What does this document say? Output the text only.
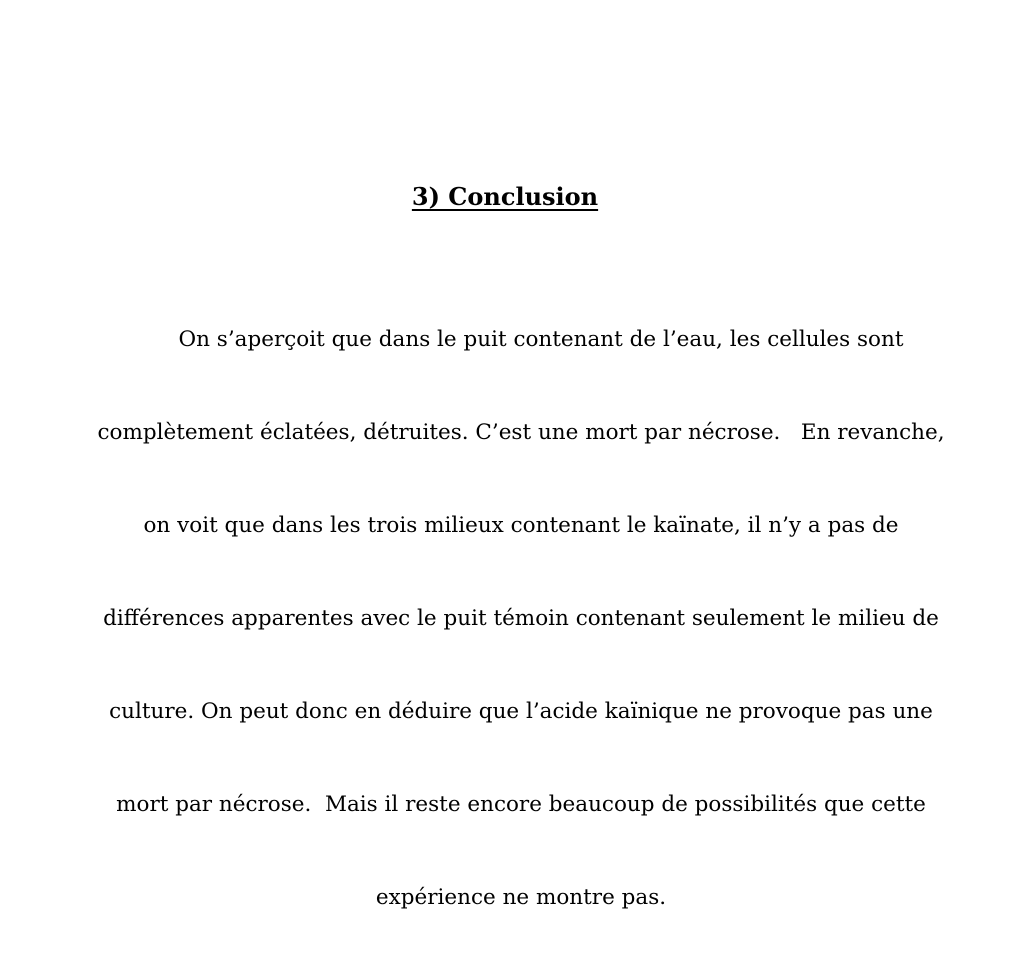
3) Conclusion

On s’aperçoit que dans le puit contenant de l’eau, les cellules sont

complètement éclatées, détruites. C’est une mort par nécrose.   En revanche,

on voit que dans les trois milieux contenant le kaïnate, il n’y a pas de

différences apparentes avec le puit témoin contenant seulement le milieu de

culture. On peut donc en déduire que l’acide kaïnique ne provoque pas une

mort par nécrose.  Mais il reste encore beaucoup de possibilités que cette

expérience ne montre pas.
